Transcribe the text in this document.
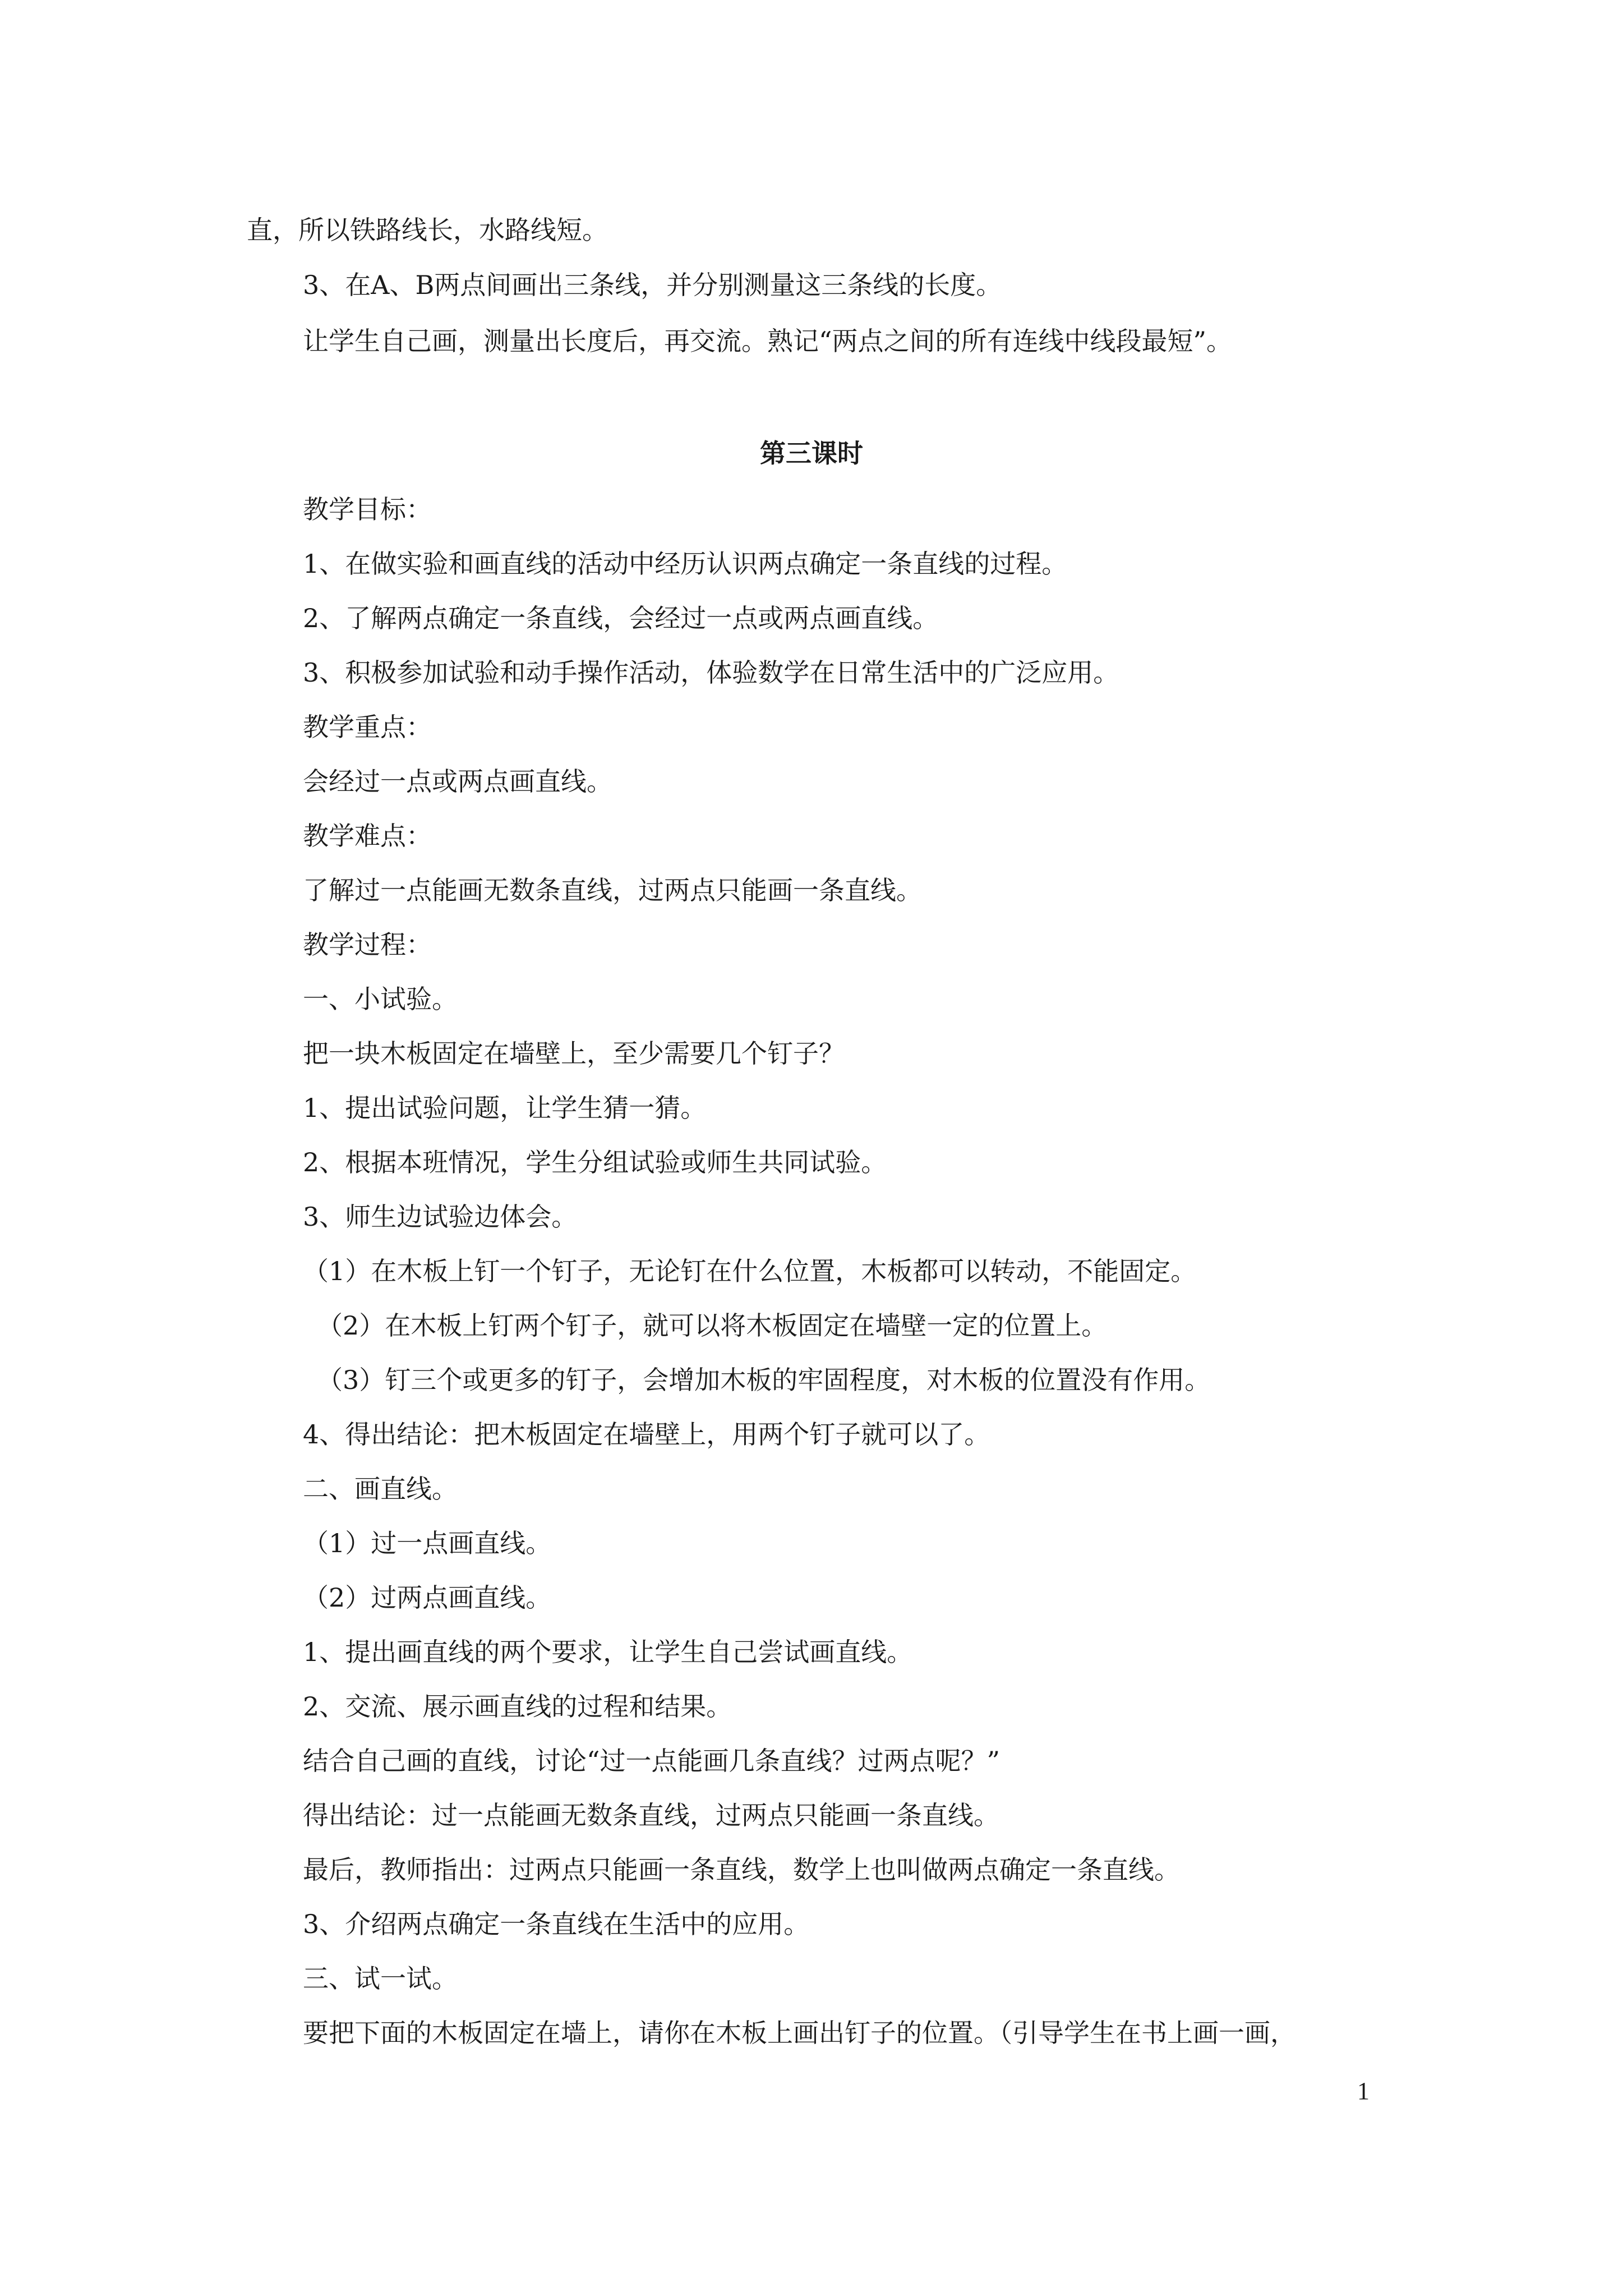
直，所以铁路线长，水路线短。
3、在A、B两点间画出三条线，并分别测量这三条线的长度。
让学生自己画，测量出长度后，再交流。熟记“两点之间的所有连线中线段最短”。
第三课时
教学目标：
1、在做实验和画直线的活动中经历认识两点确定一条直线的过程。
2、了解两点确定一条直线，会经过一点或两点画直线。
3、积极参加试验和动手操作活动，体验数学在日常生活中的广泛应用。
教学重点：
会经过一点或两点画直线。
教学难点：
了解过一点能画无数条直线，过两点只能画一条直线。
教学过程：
一、小试验。
把一块木板固定在墙壁上，至少需要几个钉子？
1、提出试验问题，让学生猜一猜。
2、根据本班情况，学生分组试验或师生共同试验。
3、师生边试验边体会。
（1）在木板上钉一个钉子，无论钉在什么位置，木板都可以转动，不能固定。
（2）在木板上钉两个钉子，就可以将木板固定在墙壁一定的位置上。
（3）钉三个或更多的钉子，会增加木板的牢固程度，对木板的位置没有作用。
4、得出结论：把木板固定在墙壁上，用两个钉子就可以了。
二、画直线。
（1）过一点画直线。
（2）过两点画直线。
1、提出画直线的两个要求，让学生自己尝试画直线。
2、交流、展示画直线的过程和结果。
结合自己画的直线，讨论“过一点能画几条直线？过两点呢？”
得出结论：过一点能画无数条直线，过两点只能画一条直线。
最后，教师指出：过两点只能画一条直线，数学上也叫做两点确定一条直线。
3、介绍两点确定一条直线在生活中的应用。
三、试一试。
要把下面的木板固定在墙上，请你在木板上画出钉子的位置。（引导学生在书上画一画，
1
